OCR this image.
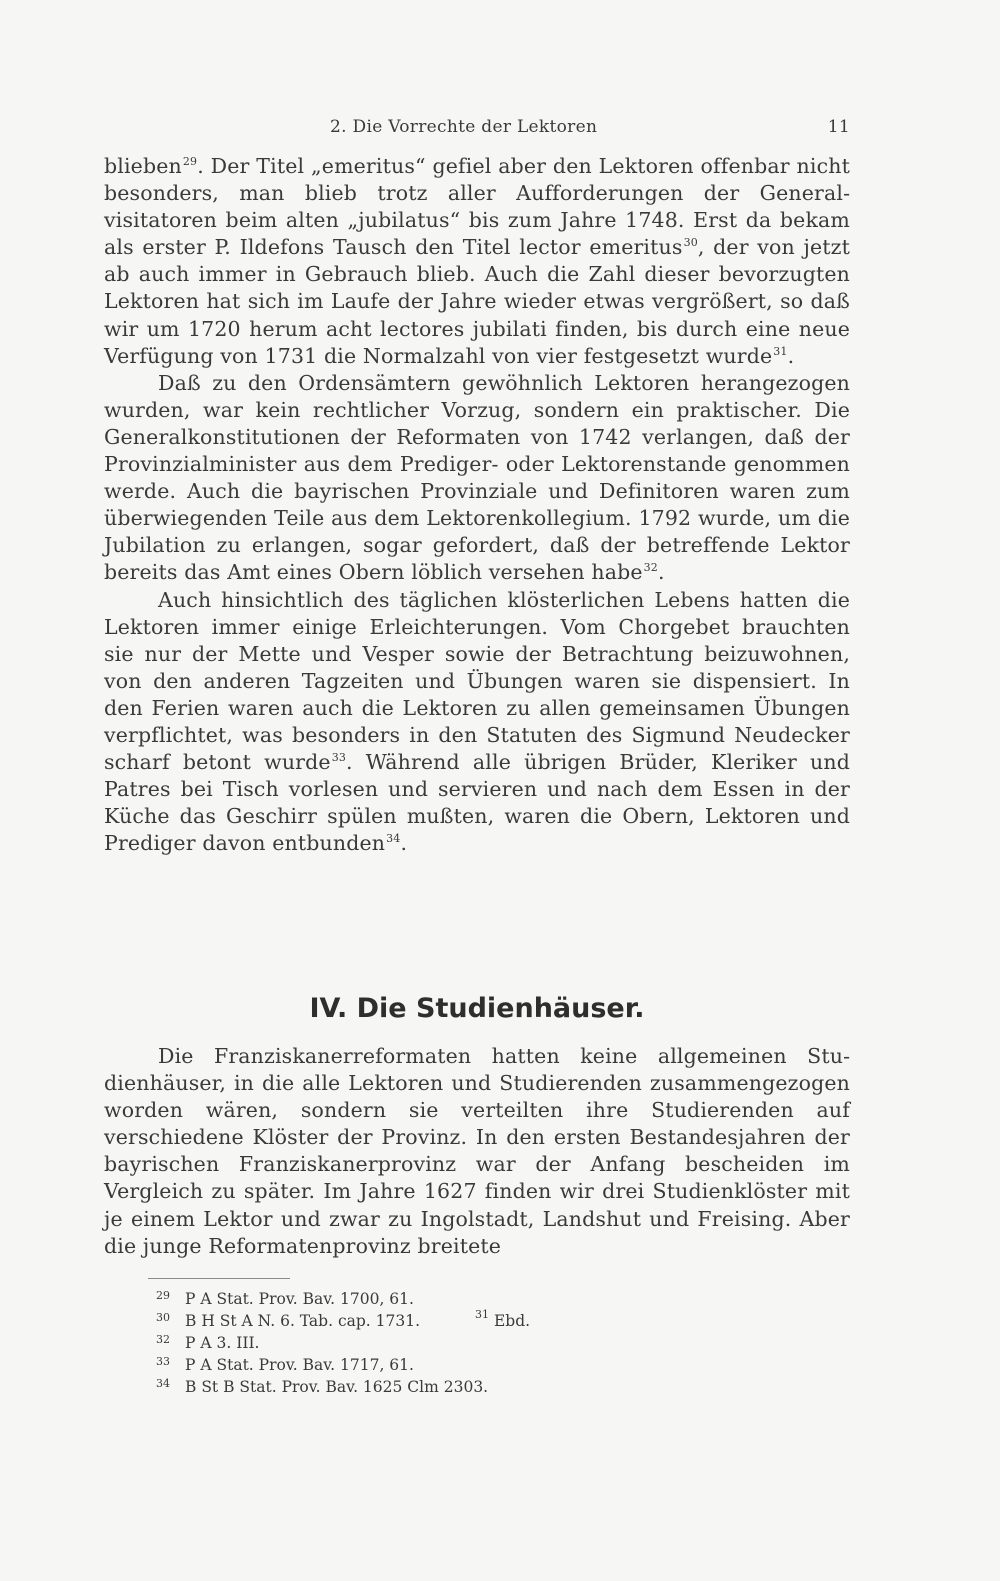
2. Die Vorrechte der Lektoren	11

blieben$^{29}$. Der Titel „emeritus“ gefiel aber den Lektoren offenbar nicht besonders, man blieb trotz aller Aufforderungen der Generalvisitatoren beim alten „jubilatus“ bis zum Jahre 1748. Erst da bekam als erster P. Ildefons Tausch den Titel lector emeritus$^{30}$, der von jetzt ab auch immer in Gebrauch blieb. Auch die Zahl dieser bevorzugten Lektoren hat sich im Laufe der Jahre wieder etwas vergrößert, so daß wir um 1720 herum acht lectores jubilati finden, bis durch eine neue Verfügung von 1731 die Normalzahl von vier festgesetzt wurde$^{31}$.

Daß zu den Ordensämtern gewöhnlich Lektoren herangezogen wurden, war kein rechtlicher Vorzug, sondern ein praktischer. Die Generalkonstitutionen der Reformaten von 1742 verlangen, daß der Provinzialminister aus dem Prediger- oder Lektorenstande genommen werde. Auch die bayrischen Provinziale und Definitoren waren zum überwiegenden Teile aus dem Lektorenkollegium. 1792 wurde, um die Jubilation zu erlangen, sogar gefordert, daß der betreffende Lektor bereits das Amt eines Obern löblich versehen habe$^{32}$.

Auch hinsichtlich des täglichen klösterlichen Lebens hatten die Lektoren immer einige Erleichterungen. Vom Chorgebet brauchten sie nur der Mette und Vesper sowie der Betrachtung beizuwohnen, von den anderen Tagzeiten und Übungen waren sie dispensiert. In den Ferien waren auch die Lektoren zu allen gemeinsamen Übungen verpflichtet, was besonders in den Statuten des Sigmund Neudecker scharf betont wurde$^{33}$. Während alle übrigen Brüder, Kleriker und Patres bei Tisch vorlesen und servieren und nach dem Essen in der Küche das Geschirr spülen mußten, waren die Obern, Lektoren und Prediger davon entbunden$^{34}$.

IV. Die Studienhäuser.

Die Franziskanerreformaten hatten keine allgemeinen Studienhäuser, in die alle Lektoren und Studierenden zusammengezogen worden wären, sondern sie verteilten ihre Studierenden auf verschiedene Klöster der Provinz. In den ersten Bestandesjahren der bayrischen Franziskanerprovinz war der Anfang bescheiden im Vergleich zu später. Im Jahre 1627 finden wir drei Studienklöster mit je einem Lektor und zwar zu Ingolstadt, Landshut und Freising. Aber die junge Reformatenprovinz breitete

$^{29}$ P A Stat. Prov. Bav. 1700, 61.
$^{30}$ B H St A N. 6. Tab. cap. 1731.	$^{31}$ Ebd.
$^{32}$ P A 3. III.
$^{33}$ P A Stat. Prov. Bav. 1717, 61.
$^{34}$ B St B Stat. Prov. Bav. 1625 Clm 2303.
